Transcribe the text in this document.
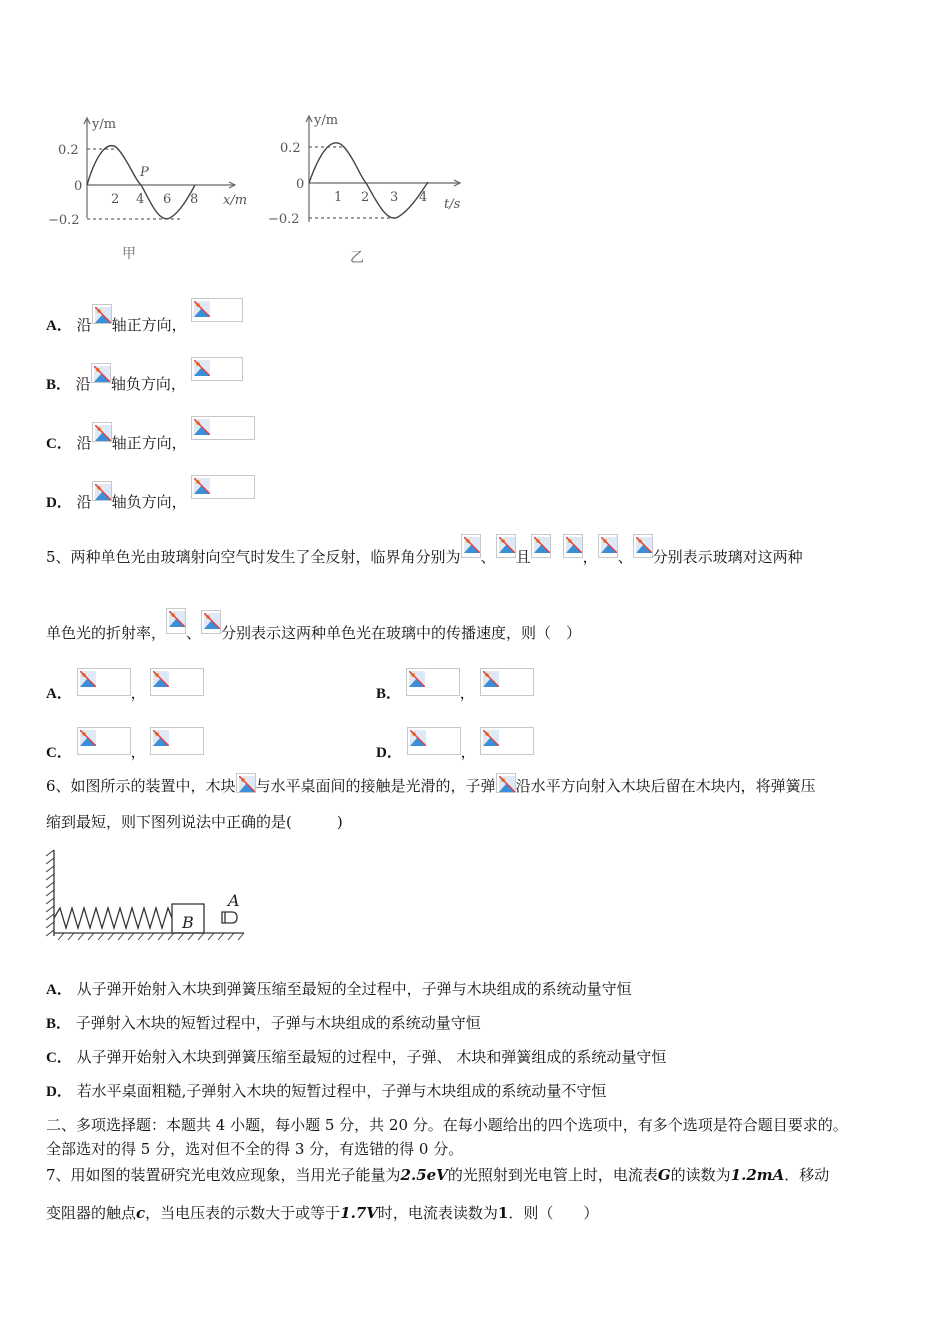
y/m
x/m
0.2
0
−0.2
2 4 6 8
P
甲
y/m
t/s
0.2
0
−0.2
1 2 3 4
乙
A． 沿 轴正方向，
B． 沿 轴负方向，
C． 沿 轴正方向，
D． 沿 轴负方向，
5、两种单色光由玻璃射向空气时发生了全反射，临界角分别为 、 且	， 、 分别表示玻璃对这两种
单色光的折射率， 、 分别表示这两种单色光在玻璃中的传播速度，则（　）
A．	，	B．	，
C．	，	D．	，
6、如图所示的装置中，木块 与水平桌面间的接触是光滑的，子弹 沿水平方向射入木块后留在木块内，将弹簧压
缩到最短，则下图列说法中正确的是(　　　)
B
A
A． 从子弹开始射入木块到弹簧压缩至最短的全过程中，子弹与木块组成的系统动量守恒
B． 子弹射入木块的短暂过程中，子弹与木块组成的系统动量守恒
C． 从子弹开始射入木块到弹簧压缩至最短的过程中，子弹、 木块和弹簧组成的系统动量守恒
D． 若水平桌面粗糙,子弹射入木块的短暂过程中，子弹与木块组成的系统动量不守恒
二、多项选择题：本题共 4 小题，每小题 5 分，共 20 分。在每小题给出的四个选项中，有多个选项是符合题目要求的。
全部选对的得 5 分，选对但不全的得 3 分，有选错的得 0 分。
7、用如图的装置研究光电效应现象，当用光子能量为2.5eV的光照射到光电管上时，电流表G的读数为1.2mA．移动
变阻器的触点c，当电压表的示数大于或等于1.7V时，电流表读数为1．则（　　）
